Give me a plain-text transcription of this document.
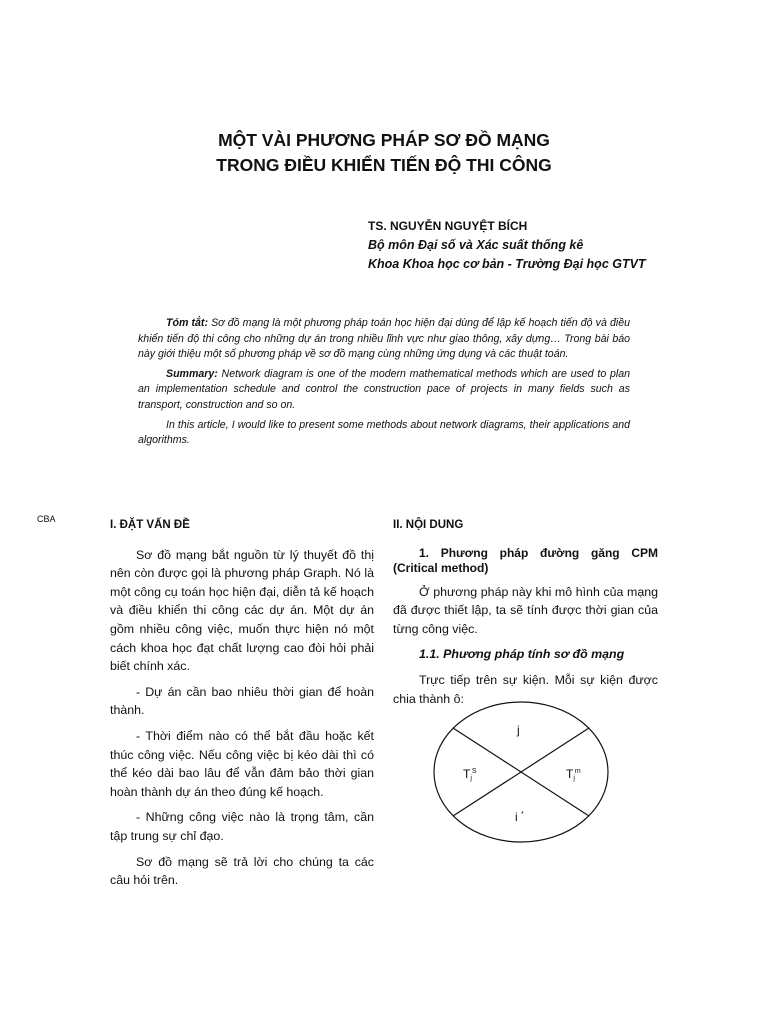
MỘT VÀI PHƯƠNG PHÁP SƠ ĐỒ MẠNG
TRONG ĐIỀU KHIỂN TIẾN ĐỘ THI CÔNG
TS. NGUYỄN NGUYỆT BÍCH
Bộ môn Đại số và Xác suất thống kê
Khoa Khoa học cơ bản - Trường Đại học GTVT

Tóm tắt: Sơ đồ mạng là một phương pháp toán học hiện đại dùng để lập kế hoạch tiến độ và điều khiển tiến độ thi công cho những dự án trong nhiều lĩnh vực như giao thông, xây dựng… Trong bài báo này giới thiệu một số phương pháp về sơ đồ mạng cùng những ứng dụng và các thuật toán.

Summary: Network diagram is one of the modern mathematical methods which are used to plan an implementation schedule and control the construction pace of projects in many fields such as transport, construction and so on.

In this article, I would like to present some methods about network diagrams, their applications and algorithms.

CBA	I. ĐẶT VẤN ĐỀ

Sơ đồ mạng bắt nguồn từ lý thuyết đồ thị nên còn được gọi là phương pháp Graph. Nó là một công cụ toán học hiện đại, diễn tả kế hoạch và điều khiển thi công các dự án. Một dự án gồm nhiều công việc, muốn thực hiện nó một cách khoa học đạt chất lượng cao đòi hỏi phải biết chính xác.

- Dự án cần bao nhiêu thời gian để hoàn thành.

- Thời điểm nào có thể bắt đầu hoặc kết thúc công việc. Nếu công việc bị kéo dài thì có thể kéo dài bao lâu để vẫn đảm bảo thời gian hoàn thành dự án theo đúng kế hoạch.

- Những công việc nào là trọng tâm, cần tập trung sự chỉ đạo.

Sơ đồ mạng sẽ trả lời cho chúng ta các câu hỏi trên.

II. NỘI DUNG

1. Phương pháp đường găng CPM (Critical method)

Ở phương pháp này khi mô hình của mạng đã được thiết lập, ta sẽ tính được thời gian của từng công việc.

1.1. Phương pháp tính sơ đồ mạng

Trực tiếp trên sự kiện. Mỗi sự kiện được chia thành ô:

j
$T_j^S$	$T_j^m$
i *
